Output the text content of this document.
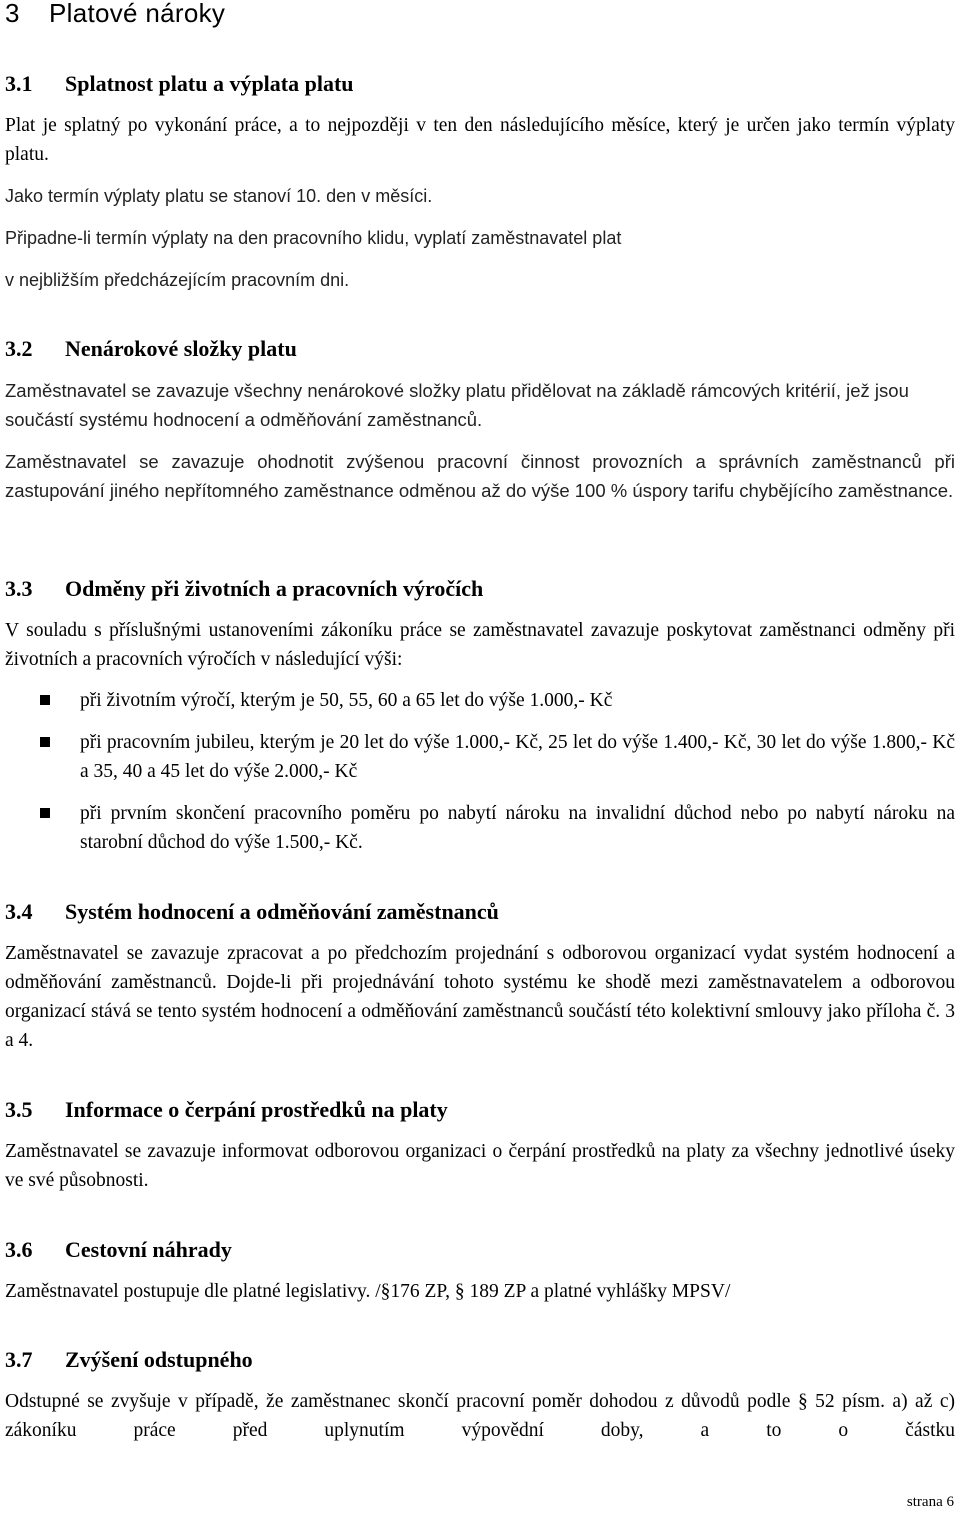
3 Platové nároky
3.1 Splatnost platu a výplata platu

Plat je splatný po vykonání práce, a to nejpozději v ten den následujícího měsíce, který je určen jako termín výplaty platu.

Jako termín výplaty platu se stanoví 10. den v měsíci.

Připadne-li termín výplaty na den pracovního klidu, vyplatí zaměstnavatel plat

v nejbližším předcházejícím pracovním dni.

3.2 Nenárokové složky platu

Zaměstnavatel se zavazuje všechny nenárokové složky platu přidělovat na základě rámcových kritérií, jež jsou součástí systému hodnocení a odměňování zaměstnanců.

Zaměstnavatel se zavazuje ohodnotit zvýšenou pracovní činnost provozních a správních zaměstnanců při zastupování jiného nepřítomného zaměstnance odměnou až do výše 100 % úspory tarifu chybějícího zaměstnance.

3.3 Odměny při životních a pracovních výročích

V souladu s příslušnými ustanoveními zákoníku práce se zaměstnavatel zavazuje poskytovat zaměstnanci odměny při životních a pracovních výročích v následující výši:

při životním výročí, kterým je 50, 55, 60 a 65 let do výše 1.000,- Kč
při pracovním jubileu, kterým je 20 let do výše 1.000,- Kč, 25 let do výše 1.400,- Kč, 30 let do výše 1.800,- Kč a 35, 40 a 45 let do výše 2.000,- Kč
při prvním skončení pracovního poměru po nabytí nároku na invalidní důchod nebo po nabytí nároku na starobní důchod do výše 1.500,- Kč.
3.4 Systém hodnocení a odměňování zaměstnanců

Zaměstnavatel se zavazuje zpracovat a po předchozím projednání s odborovou organizací vydat systém hodnocení a odměňování zaměstnanců. Dojde-li při projednávání tohoto systému ke shodě mezi zaměstnavatelem a odborovou organizací stává se tento systém hodnocení a odměňování zaměstnanců součástí této kolektivní smlouvy jako příloha č. 3 a 4.

3.5 Informace o čerpání prostředků na platy

Zaměstnavatel se zavazuje informovat odborovou organizaci o čerpání prostředků na platy za všechny jednotlivé úseky ve své působnosti.

3.6 Cestovní náhrady

Zaměstnavatel postupuje dle platné legislativy. /§176 ZP, § 189 ZP a platné vyhlášky MPSV/

3.7 Zvýšení odstupného

Odstupné se zvyšuje v případě, že zaměstnanec skončí pracovní poměr dohodou z důvodů podle § 52 písm. a) až c) zákoníku práce před uplynutím výpovědní doby, a to o částku

strana 6
